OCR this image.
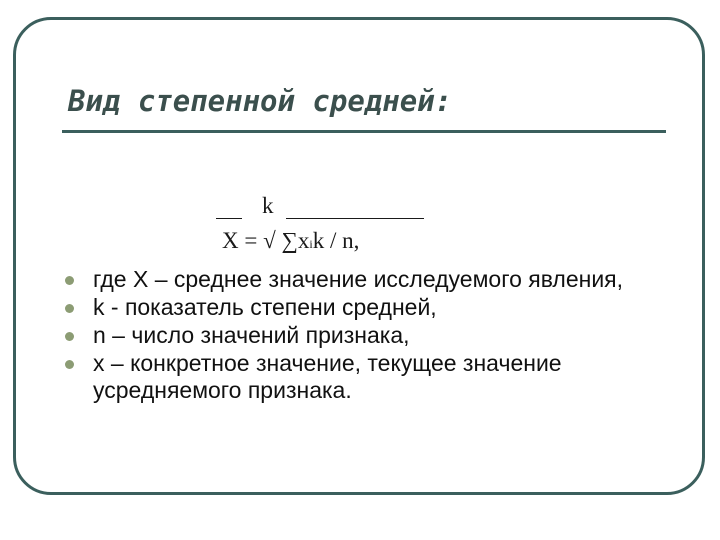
Вид степенной средней:
k
X = √ ∑xik / n,
где X – среднее значение исследуемого явления,
k - показатель степени средней,
n – число значений признака,
x – конкретное значение, текущее значение усредняемого признака.
